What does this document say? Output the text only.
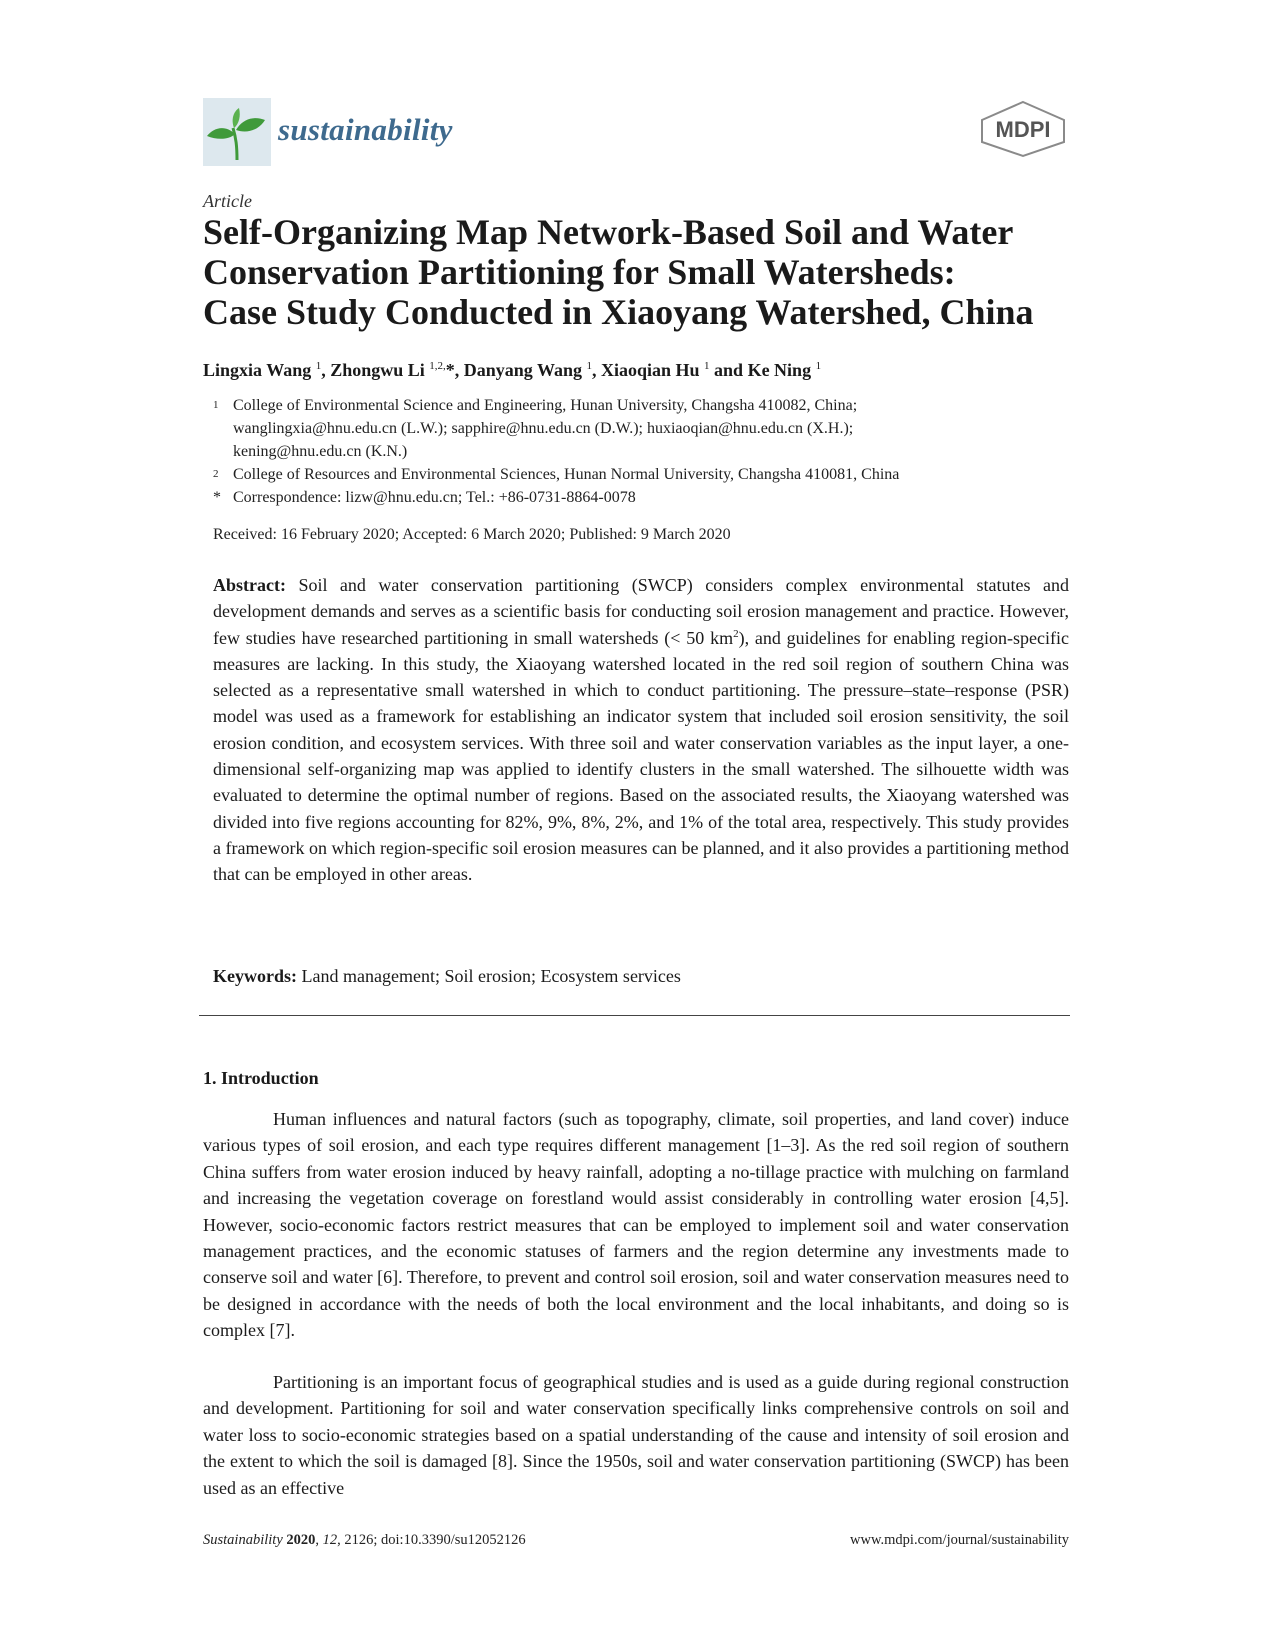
sustainability	MDPI
Article
Self-Organizing Map Network-Based Soil and Water
Conservation Partitioning for Small Watersheds:
Case Study Conducted in Xiaoyang Watershed, China
Lingxia Wang $^1$, Zhongwu Li $^{1,2,}$*, Danyang Wang $^1$, Xiaoqian Hu $^1$ and Ke Ning $^1$
1 College of Environmental Science and Engineering, Hunan University, Changsha 410082, China;
wanglingxia@hnu.edu.cn (L.W.); sapphire@hnu.edu.cn (D.W.); huxiaoqian@hnu.edu.cn (X.H.);
kening@hnu.edu.cn (K.N.)
2 College of Resources and Environmental Sciences, Hunan Normal University, Changsha 410081, China
* Correspondence: lizw@hnu.edu.cn; Tel.: +86-0731-8864-0078
Received: 16 February 2020; Accepted: 6 March 2020; Published: 9 March 2020
Abstract: Soil and water conservation partitioning (SWCP) considers complex environmental statutes and development demands and serves as a scientific basis for conducting soil erosion management and practice. However, few studies have researched partitioning in small watersheds (< 50 $km^2$), and guidelines for enabling region-specific measures are lacking. In this study, the Xiaoyang watershed located in the red soil region of southern China was selected as a representative small watershed in which to conduct partitioning. The pressure–state–response (PSR) model was used as a framework for establishing an indicator system that included soil erosion sensitivity, the soil erosion condition, and ecosystem services. With three soil and water conservation variables as the input layer, a one-dimensional self-organizing map was applied to identify clusters in the small watershed. The silhouette width was evaluated to determine the optimal number of regions. Based on the associated results, the Xiaoyang watershed was divided into five regions accounting for 82%, 9%, 8%, 2%, and 1% of the total area, respectively. This study provides a framework on which region-specific soil erosion measures can be planned, and it also provides a partitioning method that can be employed in other areas.
Keywords: Land management; Soil erosion; Ecosystem services
1. Introduction
Human influences and natural factors (such as topography, climate, soil properties, and land cover) induce various types of soil erosion, and each type requires different management [1–3]. As the red soil region of southern China suffers from water erosion induced by heavy rainfall, adopting a no-tillage practice with mulching on farmland and increasing the vegetation coverage on forestland would assist considerably in controlling water erosion [4,5]. However, socio-economic factors restrict measures that can be employed to implement soil and water conservation management practices, and the economic statuses of farmers and the region determine any investments made to conserve soil and water [6]. Therefore, to prevent and control soil erosion, soil and water conservation measures need to be designed in accordance with the needs of both the local environment and the local inhabitants, and doing so is complex [7].
Partitioning is an important focus of geographical studies and is used as a guide during regional construction and development. Partitioning for soil and water conservation specifically links comprehensive controls on soil and water loss to socio-economic strategies based on a spatial understanding of the cause and intensity of soil erosion and the extent to which the soil is damaged [8]. Since the 1950s, soil and water conservation partitioning (SWCP) has been used as an effective
Sustainability 2020, 12, 2126; doi:10.3390/su12052126	www.mdpi.com/journal/sustainability
